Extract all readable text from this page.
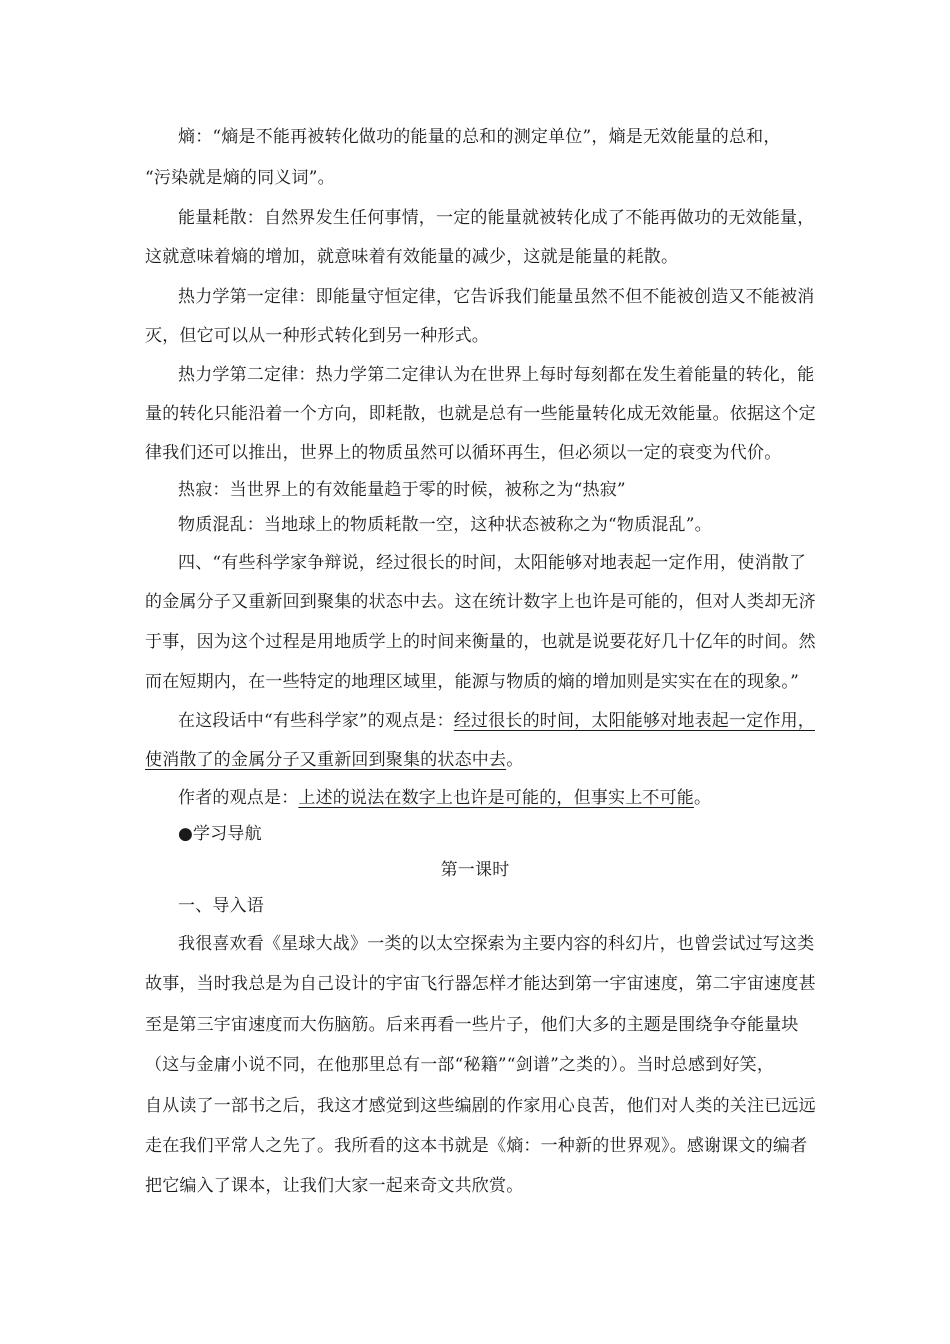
熵：“熵是不能再被转化做功的能量的总和的测定单位”，熵是无效能量的总和，
“污染就是熵的同义词”。
能量耗散：自然界发生任何事情，一定的能量就被转化成了不能再做功的无效能量，
这就意味着熵的增加，就意味着有效能量的减少，这就是能量的耗散。
热力学第一定律：即能量守恒定律，它告诉我们能量虽然不但不能被创造又不能被消
灭，但它可以从一种形式转化到另一种形式。
热力学第二定律：热力学第二定律认为在世界上每时每刻都在发生着能量的转化，能
量的转化只能沿着一个方向，即耗散，也就是总有一些能量转化成无效能量。依据这个定
律我们还可以推出，世界上的物质虽然可以循环再生，但必须以一定的衰变为代价。
热寂：当世界上的有效能量趋于零的时候，被称之为“热寂”
物质混乱：当地球上的物质耗散一空，这种状态被称之为“物质混乱”。
四、“有些科学家争辩说，经过很长的时间，太阳能够对地表起一定作用，使消散了
的金属分子又重新回到聚集的状态中去。这在统计数字上也许是可能的，但对人类却无济
于事，因为这个过程是用地质学上的时间来衡量的，也就是说要花好几十亿年的时间。然
而在短期内，在一些特定的地理区域里，能源与物质的熵的增加则是实实在在的现象。”
在这段话中“有些科学家”的观点是：经过很长的时间，太阳能够对地表起一定作用，
使消散了的金属分子又重新回到聚集的状态中去。
作者的观点是：上述的说法在数字上也许是可能的，但事实上不可能。
●学习导航
第一课时
一、导入语
我很喜欢看《星球大战》一类的以太空探索为主要内容的科幻片，也曾尝试过写这类
故事，当时我总是为自己设计的宇宙飞行器怎样才能达到第一宇宙速度，第二宇宙速度甚
至是第三宇宙速度而大伤脑筋。后来再看一些片子，他们大多的主题是围绕争夺能量块
（这与金庸小说不同，在他那里总有一部“秘籍”“剑谱”之类的）。当时总感到好笑，
自从读了一部书之后，我这才感觉到这些编剧的作家用心良苦，他们对人类的关注已远远
走在我们平常人之先了。我所看的这本书就是《熵：一种新的世界观》。感谢课文的编者
把它编入了课本，让我们大家一起来奇文共欣赏。
